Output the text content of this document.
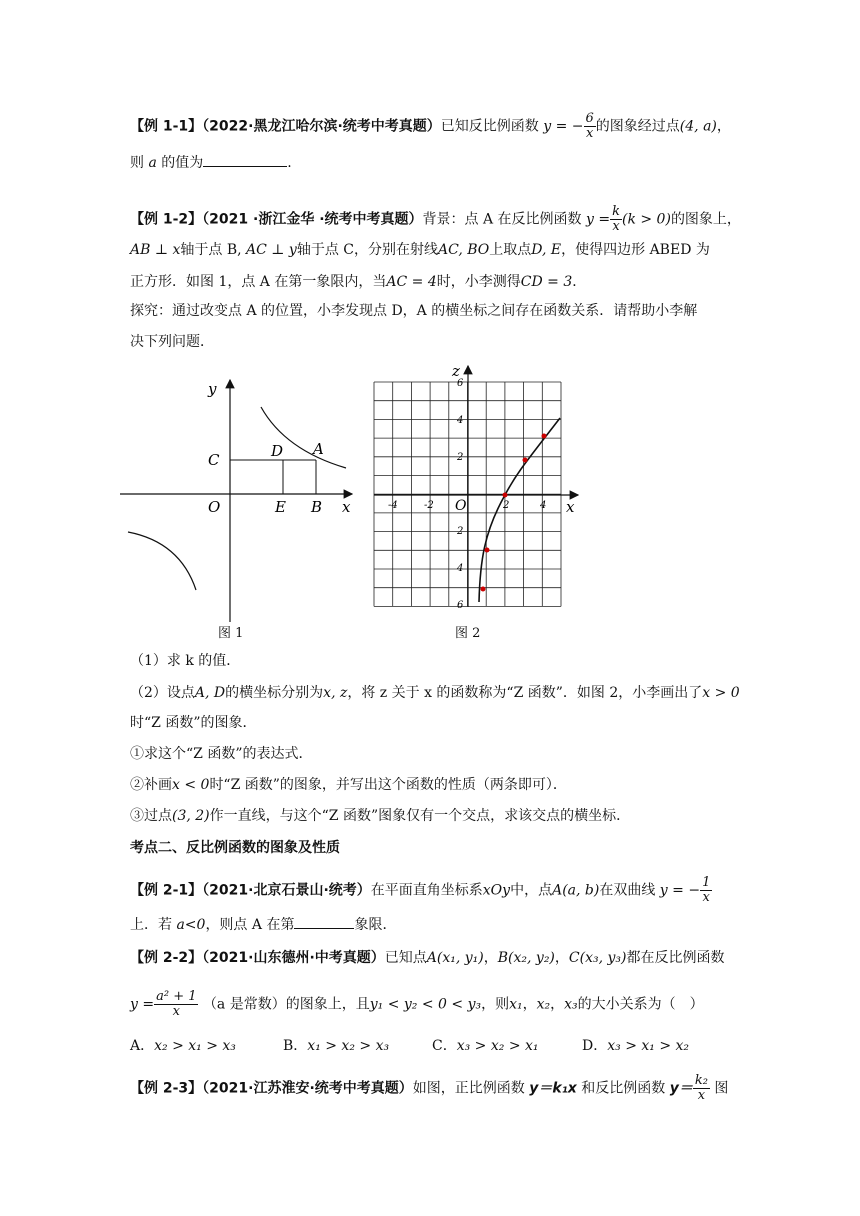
【例 1-1】（2022·黑龙江哈尔滨·统考中考真题）已知反比例函数 y = − $\frac{6}{x}$ 的图象经过点(4, a)，
则 a 的值为	.
【例 1-2】（2021 ·浙江金华 ·统考中考真题）背景：点 A 在反比例函数 $y = \frac{k}{x} (k > 0)$的图象上，
AB ⊥ x轴于点 B, AC ⊥ y轴于点 C，分别在射线AC, BO上取点D, E，使得四边形 ABED 为
正方形．如图 1，点 A 在第一象限内，当AC = 4时，小李测得CD = 3．
探究：通过改变点 A 的位置，小李发现点 D，A 的横坐标之间存在函数关系．请帮助小李解
决下列问题．
y
x
O
C	D A
E B
图 1
z
x
O
-4	-2	2	4
6
4
2
2
4
6
图 2
（1）求 k 的值．
（2）设点A, D的横坐标分别为x, z，将 z 关于 x 的函数称为“Z 函数”．如图 2，小李画出了x > 0
时“Z 函数”的图象．
①求这个“Z 函数”的表达式．
②补画x < 0时“Z 函数”的图象，并写出这个函数的性质（两条即可）．
③过点(3, 2)作一直线，与这个“Z 函数”图象仅有一个交点，求该交点的横坐标．
考点二、反比例函数的图象及性质
【例 2-1】（2021·北京石景山·统考）在平面直角坐标系xOy中，点A(a, b)在双曲线 y = − $\frac{1}{x}$
上．若 a<0，则点 A 在第	象限．
【例 2-2】（2021·山东德州·中考真题）已知点A(x₁, y₁)，B(x₂, y₂)，C(x₃, y₃)都在反比例函数
$y = \frac{\text{a² + 1}}{x} (a$ 是常数）的图象上，且y₁ < y₂ < 0 < y₃，则x₁，x₂，x₃的大小关系为（　）
A．x₂ > x₁ > x₃	B．x₁ > x₂ > x₃	C．x₃ > x₂ > x₁	D．x₃ > x₁ > x₂
【例 2-3】（2021·江苏淮安·统考中考真题）如图，正比例函数 y＝k₁x 和反比例函数 $y= \frac{\text{k₂}}{x}$ 图
